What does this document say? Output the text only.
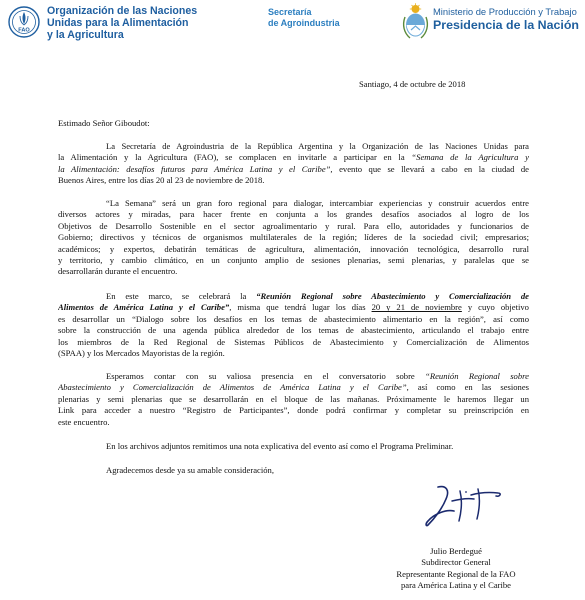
FAO
Organización de las Naciones
Unidas para la Alimentación
y la Agricultura
Secretaría
de Agroindustria
Ministerio de Producción y Trabajo
Presidencia de la Nación
Santiago, 4 de octubre de 2018
Estimado Señor Giboudot:
La Secretaría de Agroindustria de la República Argentina y la Organización de las Naciones Unidas para
la Alimentación y la Agricultura (FAO), se complacen en invitarle a participar en la “Semana de la Agricultura y
la Alimentación: desafíos futuros para América Latina y el Caribe”, evento que se llevará a cabo en la ciudad de
Buenos Aires, entre los días 20 al 23 de noviembre de 2018.
“La Semana” será un gran foro regional para dialogar, intercambiar experiencias y construir acuerdos entre
diversos actores y miradas, para hacer frente en conjunta a los grandes desafíos asociados al logro de los
Objetivos de Desarrollo Sostenible en el sector agroalimentario y rural. Para ello, autoridades y funcionarios de
Gobierno; directivos y técnicos de organismos multilaterales de la región; líderes de la sociedad civil; empresarios;
académicos; y expertos, debatirán temáticas de agricultura, alimentación, innovación tecnológica, desarrollo rural
y territorio, y cambio climático, en un conjunto amplio de sesiones plenarias, semi plenarias, y paralelas que se
desarrollarán durante el encuentro.
En este marco, se celebrará la “Reunión Regional sobre Abastecimiento y Comercialización de
Alimentos de América Latina y el Caribe”, misma que tendrá lugar los días 20 y 21 de noviembre y cuyo objetivo
es desarrollar un “Dialogo sobre los desafíos en los temas de abastecimiento alimentario en la región”, así como
sobre la construcción de una agenda pública alrededor de los temas de abastecimiento, articulando el trabajo entre
los miembros de la Red Regional de Sistemas Públicos de Abastecimiento y Comercialización de Alimentos
(SPAA) y los Mercados Mayoristas de la región.
Esperamos contar con su valiosa presencia en el conversatorio sobre “Reunión Regional sobre
Abastecimiento y Comercialización de Alimentos de América Latina y el Caribe”, así como en las sesiones
plenarias y semi plenarias que se desarrollarán en el bloque de las mañanas. Próximamente le haremos llegar un
Link para acceder a nuestro “Registro de Participantes”, donde podrá confirmar y completar su preinscripción en
este encuentro.
En los archivos adjuntos remitimos una nota explicativa del evento así como el Programa Preliminar.
Agradecemos desde ya su amable consideración,
Julio Berdegué
Subdirector General
Representante Regional de la FAO
para América Latina y el Caribe
